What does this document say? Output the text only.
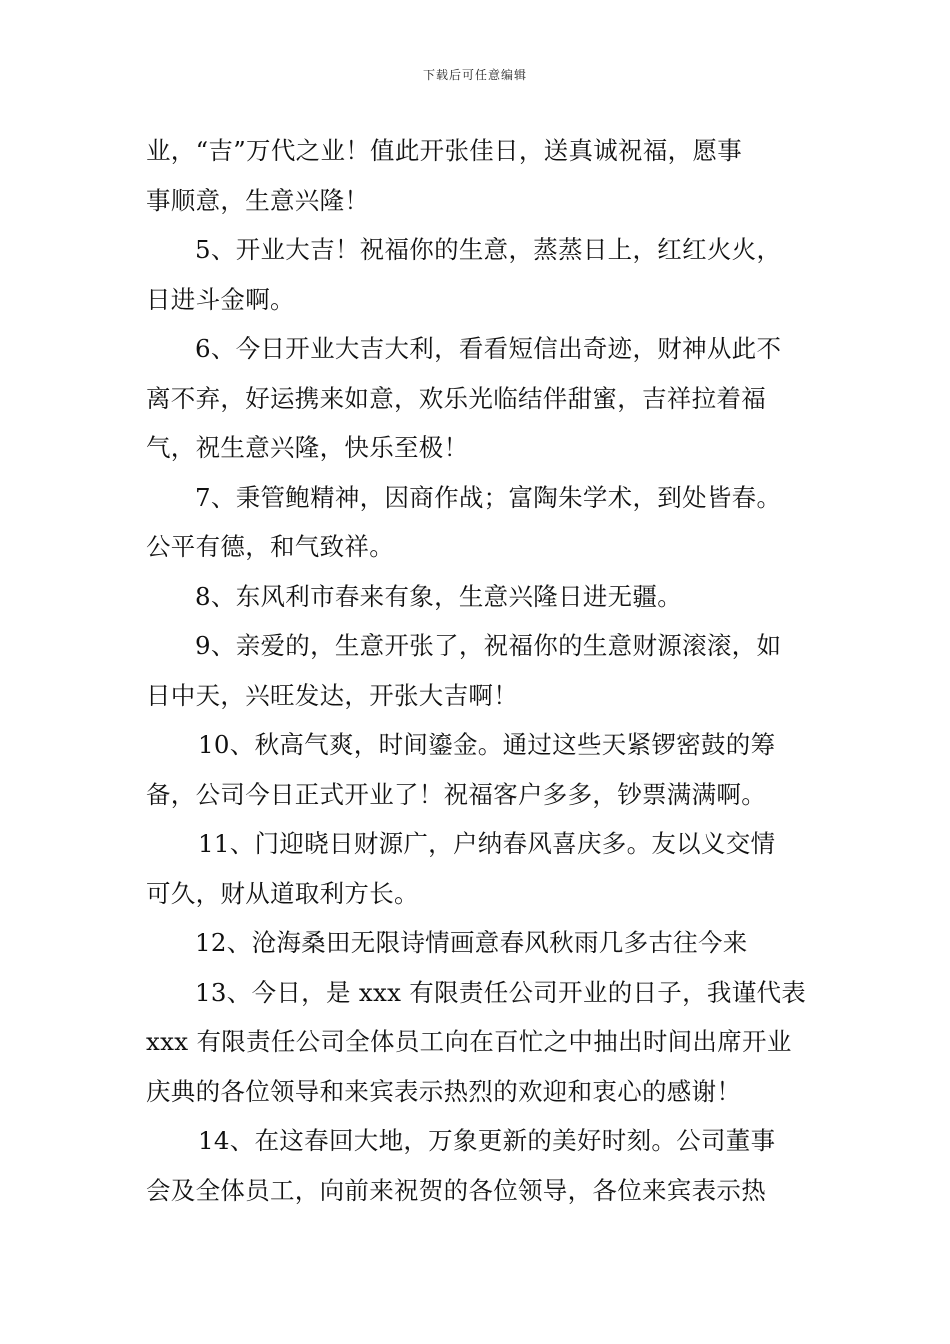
下载后可任意编辑
业，“吉”万代之业！值此开张佳日，送真诚祝福，愿事
事顺意，生意兴隆！
5、开业大吉！祝福你的生意，蒸蒸日上，红红火火，
日进斗金啊。
6、今日开业大吉大利，看看短信出奇迹，财神从此不
离不弃，好运携来如意，欢乐光临结伴甜蜜，吉祥拉着福
气，祝生意兴隆，快乐至极！
7、秉管鲍精神，因商作战；富陶朱学术，到处皆春。
公平有德，和气致祥。
8、东风利市春来有象，生意兴隆日进无疆。
9、亲爱的，生意开张了，祝福你的生意财源滚滚，如
日中天，兴旺发达，开张大吉啊！
10、秋高气爽，时间鎏金。通过这些天紧锣密鼓的筹
备，公司今日正式开业了！祝福客户多多，钞票满满啊。
11、门迎晓日财源广，户纳春风喜庆多。友以义交情
可久，财从道取利方长。
12、沧海桑田无限诗情画意春风秋雨几多古往今来
13、今日，是 xxx 有限责任公司开业的日子，我谨代表
xxx 有限责任公司全体员工向在百忙之中抽出时间出席开业
庆典的各位领导和来宾表示热烈的欢迎和衷心的感谢！
14、在这春回大地，万象更新的美好时刻。公司董事
会及全体员工，向前来祝贺的各位领导，各位来宾表示热
